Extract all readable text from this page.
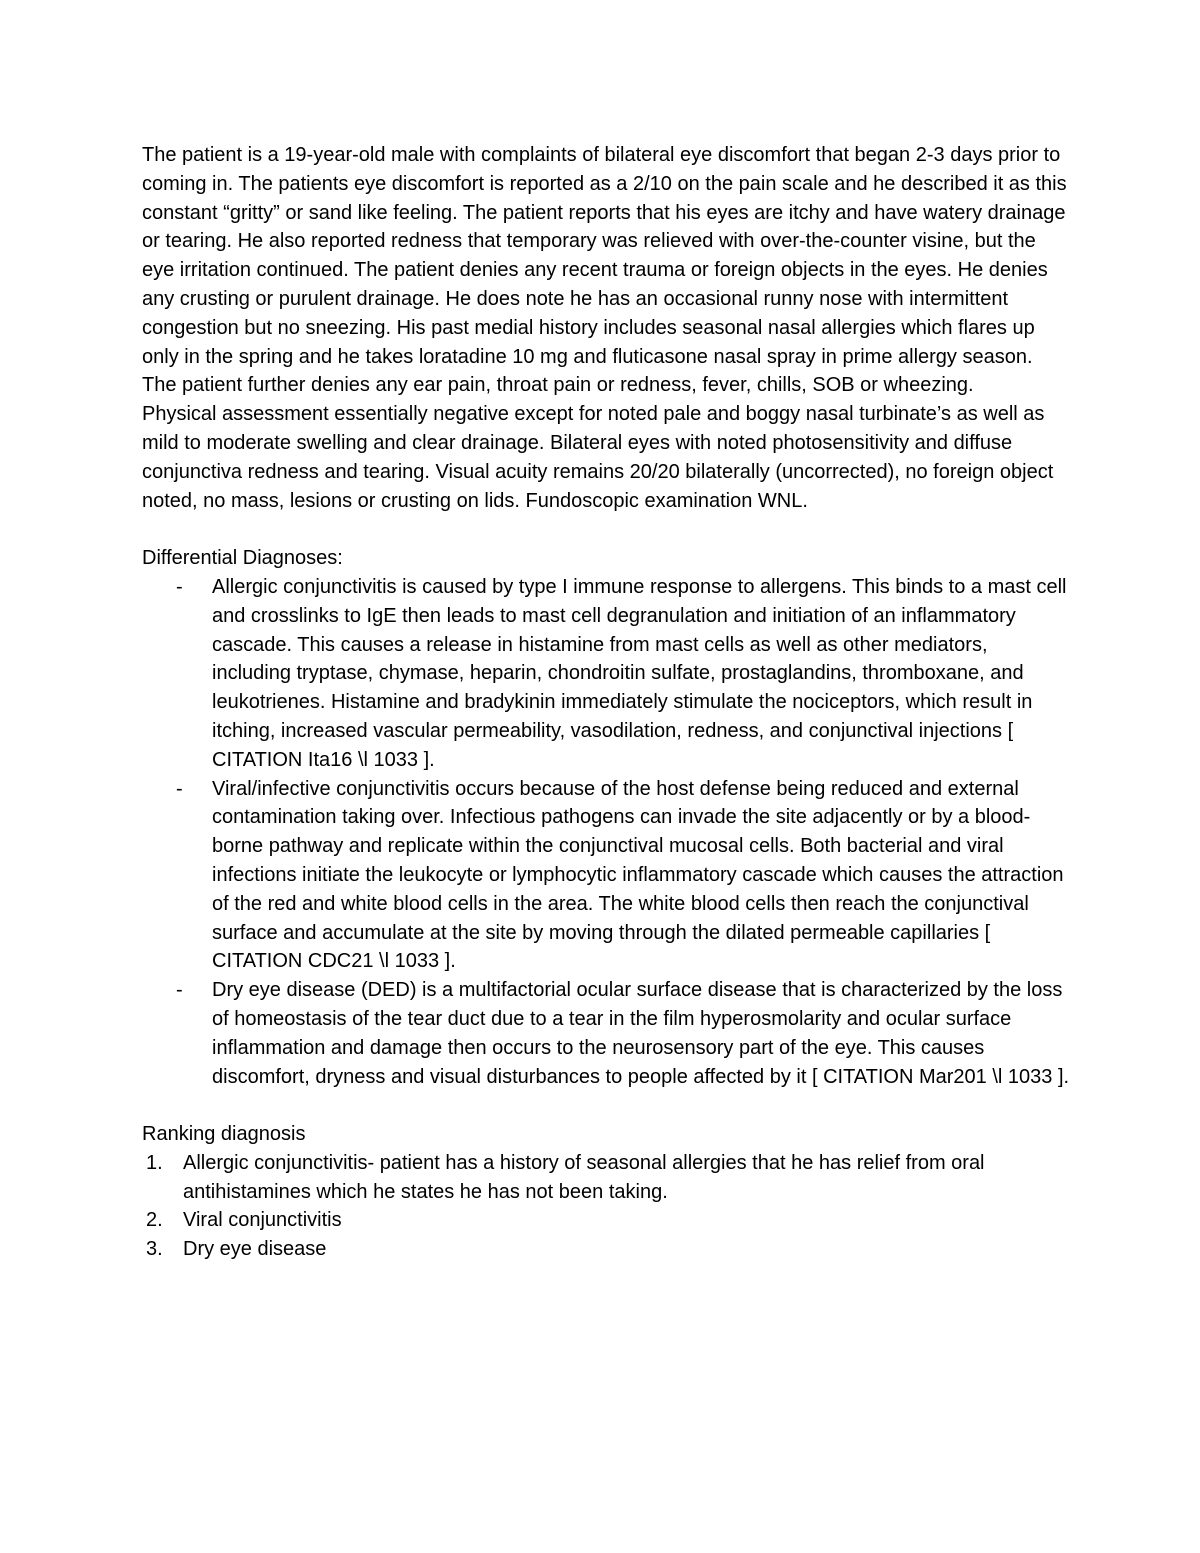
The patient is a 19-year-old male with complaints of bilateral eye discomfort that began 2-3 days prior to coming in. The patients eye discomfort is reported as a 2/10 on the pain scale and he described it as this constant “gritty” or sand like feeling. The patient reports that his eyes are itchy and have watery drainage or tearing. He also reported redness that temporary was relieved with over-the-counter visine, but the eye irritation continued. The patient denies any recent trauma or foreign objects in the eyes. He denies any crusting or purulent drainage. He does note he has an occasional runny nose with intermittent congestion but no sneezing. His past medial history includes seasonal nasal allergies which flares up only in the spring and he takes loratadine 10 mg and fluticasone nasal spray in prime allergy season. The patient further denies any ear pain, throat pain or redness, fever, chills, SOB or wheezing.

Physical assessment essentially negative except for noted pale and boggy nasal turbinate’s as well as mild to moderate swelling and clear drainage. Bilateral eyes with noted photosensitivity and diffuse conjunctiva redness and tearing. Visual acuity remains 20/20 bilaterally (uncorrected), no foreign object noted, no mass, lesions or crusting on lids. Fundoscopic examination WNL.

Differential Diagnoses:

- Allergic conjunctivitis is caused by type I immune response to allergens. This binds to a mast cell and crosslinks to IgE then leads to mast cell degranulation and initiation of an inflammatory cascade. This causes a release in histamine from mast cells as well as other mediators, including tryptase, chymase, heparin, chondroitin sulfate, prostaglandins, thromboxane, and leukotrienes. Histamine and bradykinin immediately stimulate the nociceptors, which result in itching, increased vascular permeability, vasodilation, redness, and conjunctival injections [ CITATION Ita16 \l 1033 ].
- Viral/infective conjunctivitis occurs because of the host defense being reduced and external contamination taking over. Infectious pathogens can invade the site adjacently or by a blood-borne pathway and replicate within the conjunctival mucosal cells. Both bacterial and viral infections initiate the leukocyte or lymphocytic inflammatory cascade which causes the attraction of the red and white blood cells in the area. The white blood cells then reach the conjunctival surface and accumulate at the site by moving through the dilated permeable capillaries [ CITATION CDC21 \l 1033 ].
- Dry eye disease (DED) is a multifactorial ocular surface disease that is characterized by the loss of homeostasis of the tear duct due to a tear in the film hyperosmolarity and ocular surface inflammation and damage then occurs to the neurosensory part of the eye. This causes discomfort, dryness and visual disturbances to people affected by it [ CITATION Mar201 \l 1033 ].

Ranking diagnosis

1. Allergic conjunctivitis- patient has a history of seasonal allergies that he has relief from oral antihistamines which he states he has not been taking.
2. Viral conjunctivitis
3. Dry eye disease
